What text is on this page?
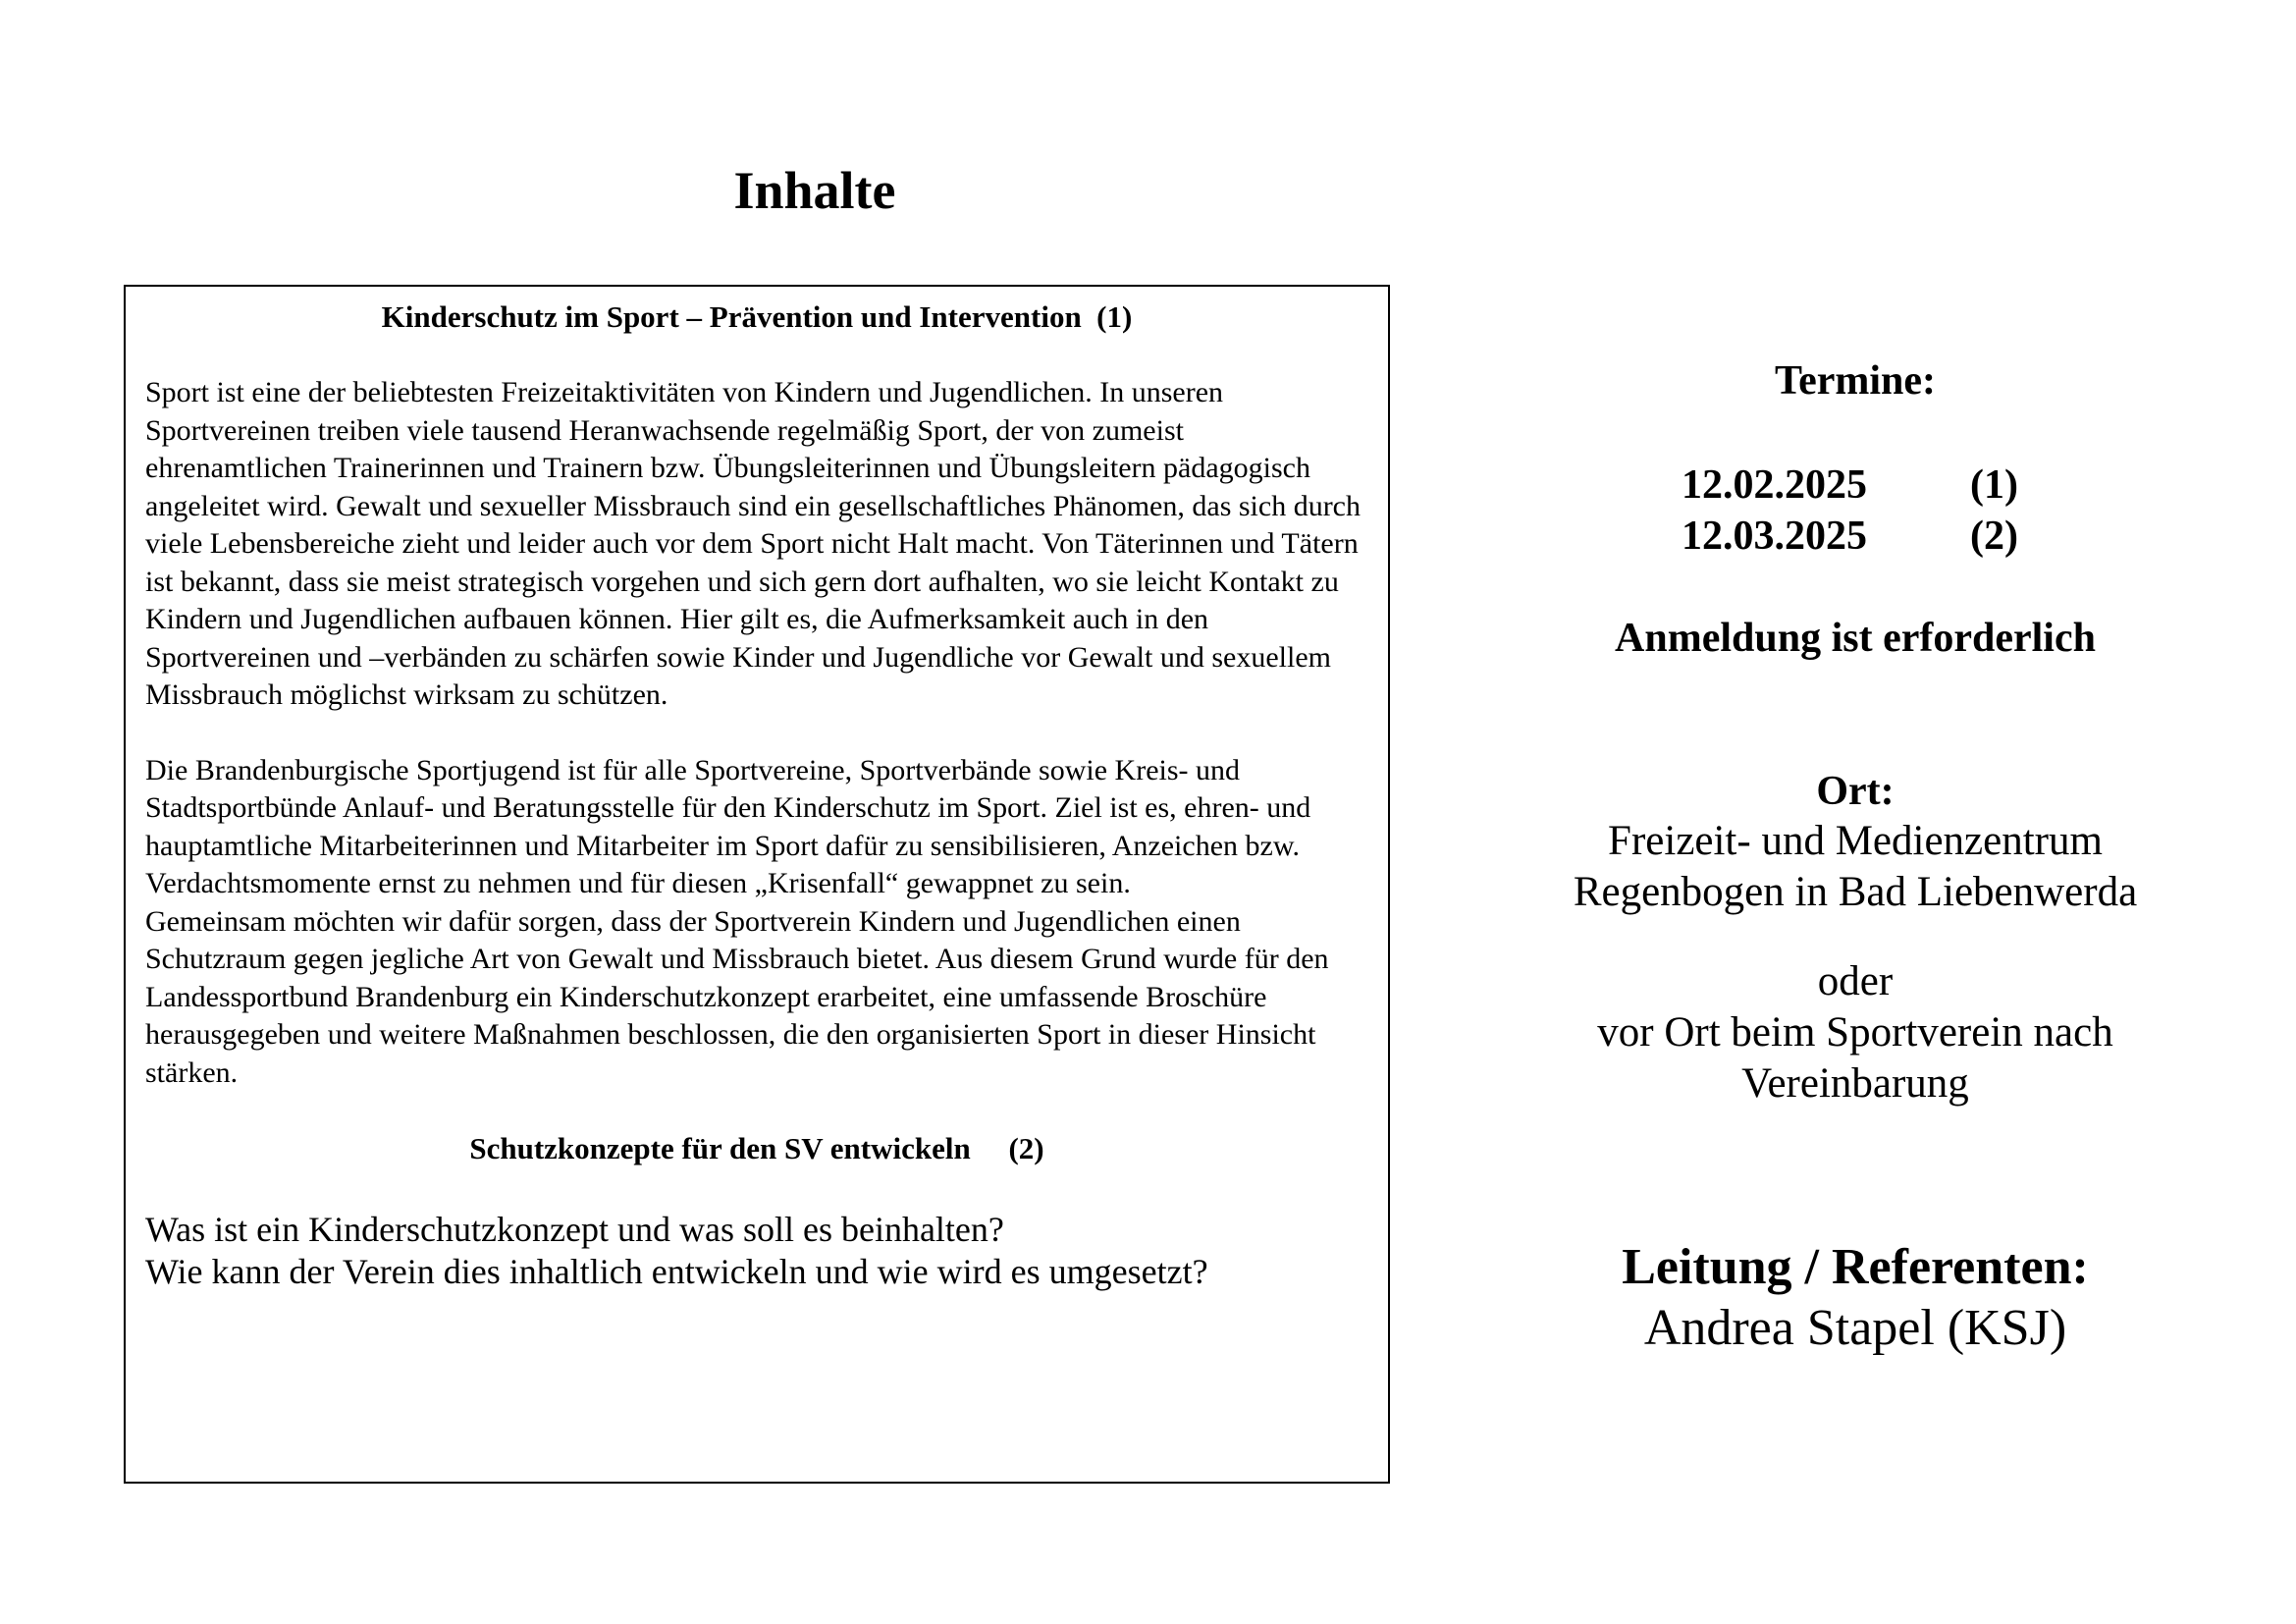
Inhalte
Kinderschutz im Sport – Prävention und Intervention  (1)

Sport ist eine der beliebtesten Freizeitaktivitäten von Kindern und Jugendlichen. In unseren Sportvereinen treiben viele tausend Heranwachsende regelmäßig Sport, der von zumeist ehrenamtlichen Trainerinnen und Trainern bzw. Übungsleiterinnen und Übungsleitern pädagogisch angeleitet wird. Gewalt und sexueller Missbrauch sind ein gesellschaftliches Phänomen, das sich durch viele Lebensbereiche zieht und leider auch vor dem Sport nicht Halt macht. Von Täterinnen und Tätern ist bekannt, dass sie meist strategisch vorgehen und sich gern dort aufhalten, wo sie leicht Kontakt zu Kindern und Jugendlichen aufbauen können. Hier gilt es, die Aufmerksamkeit auch in den Sportvereinen und –verbänden zu schärfen sowie Kinder und Jugendliche vor Gewalt und sexuellem Missbrauch möglichst wirksam zu schützen.

Die Brandenburgische Sportjugend ist für alle Sportvereine, Sportverbände sowie Kreis- und Stadtsportbünde Anlauf- und Beratungsstelle für den Kinderschutz im Sport. Ziel ist es, ehren- und hauptamtliche Mitarbeiterinnen und Mitarbeiter im Sport dafür zu sensibilisieren, Anzeichen bzw. Verdachtsmomente ernst zu nehmen und für diesen „Krisenfall“ gewappnet zu sein.

Gemeinsam möchten wir dafür sorgen, dass der Sportverein Kindern und Jugendlichen einen Schutzraum gegen jegliche Art von Gewalt und Missbrauch bietet. Aus diesem Grund wurde für den Landessportbund Brandenburg ein Kinderschutzkonzept erarbeitet, eine umfassende Broschüre herausgegeben und weitere Maßnahmen beschlossen, die den organisierten Sport in dieser Hinsicht stärken.

Schutzkonzepte für den SV entwickeln     (2)
Was ist ein Kinderschutzkonzept und was soll es beinhalten?
Wie kann der Verein dies inhaltlich entwickeln und wie wird es umgesetzt?
Termine:
12.02.2025	(1)
12.03.2025	(2)
Anmeldung ist erforderlich
Ort:
Freizeit- und Medienzentrum
Regenbogen in Bad Liebenwerda
oder
vor Ort beim Sportverein nach
Vereinbarung
Leitung / Referenten:
Andrea Stapel (KSJ)
